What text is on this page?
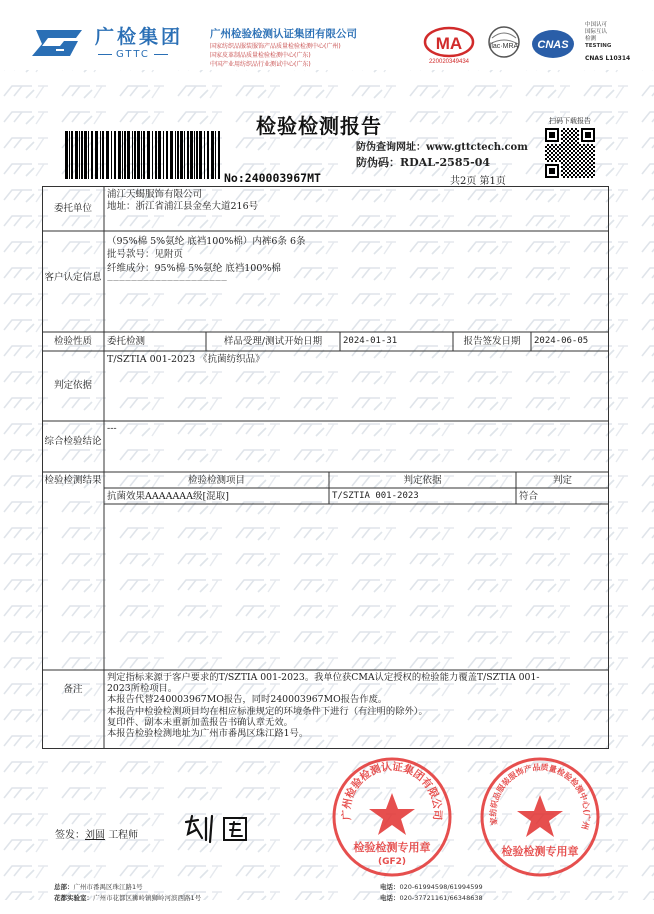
广检集团
GTTC
广州检验检测认证集团有限公司
国家纺织品服装服饰产品质量检验检测中心(广州)
国家皮革制品质量检验检测中心(广东)
中国产业用纺织品行业测试中心(广东)
MA
220020349434
ilac·MRA CNAS
中国认可
国际互认
检测
TESTING
CNAS L10314
检验检测报告
防伪查询网址：www.gttctech.com
防伪码：RDAL-2585-04
共2页 第1页
扫码下载报告
No:240003967MT
委托单位
浦江天蝎服饰有限公司
地址：浙江省浦江县金垒大道216号
客户认定信息
（95%棉 5%氨纶 底裆100%棉）内裤6条 6条
批号款号：见附页
纤维成分：95%棉 5%氨纶 底裆100%棉
————————————————————
检验性质	委托检测	样品受理/测试开始日期	2024-01-31	报告签发日期	2024-06-05
判定依据
T/SZTIA 001-2023 《抗菌纺织品》
综合检验结论
---
检验检测结果	检验检测项目	判定依据	判定
抗菌效果AAAAAAA级[混取]	T/SZTIA 001-2023	符合
备注
判定指标来源于客户要求的T/SZTIA 001-2023。我单位获CMA认定授权的检验能力覆盖T/SZTIA 001-
2023所检项目。
本报告代替240003967MO报告，同时240003967MO报告作废。
本报告中检验检测项目均在相应标准规定的环境条件下进行（有注明的除外）。
复印件、副本未重新加盖报告书确认章无效。
本报告检验检测地址为广州市番禺区珠江路1号。
签发：刘圆 工程师
广州检验检测认证集团有限公司
检验检测专用章
(GF2)
家纺织品服装服饰产品质量检验检测中心(广州
检验检测专用章
总部：广州市番禺区珠江路1号
花都实验室：广州市花都区狮岭镇狮岭河滨西路1号
电话：020-61994598/61994599
电话：020-37721161/66348638
